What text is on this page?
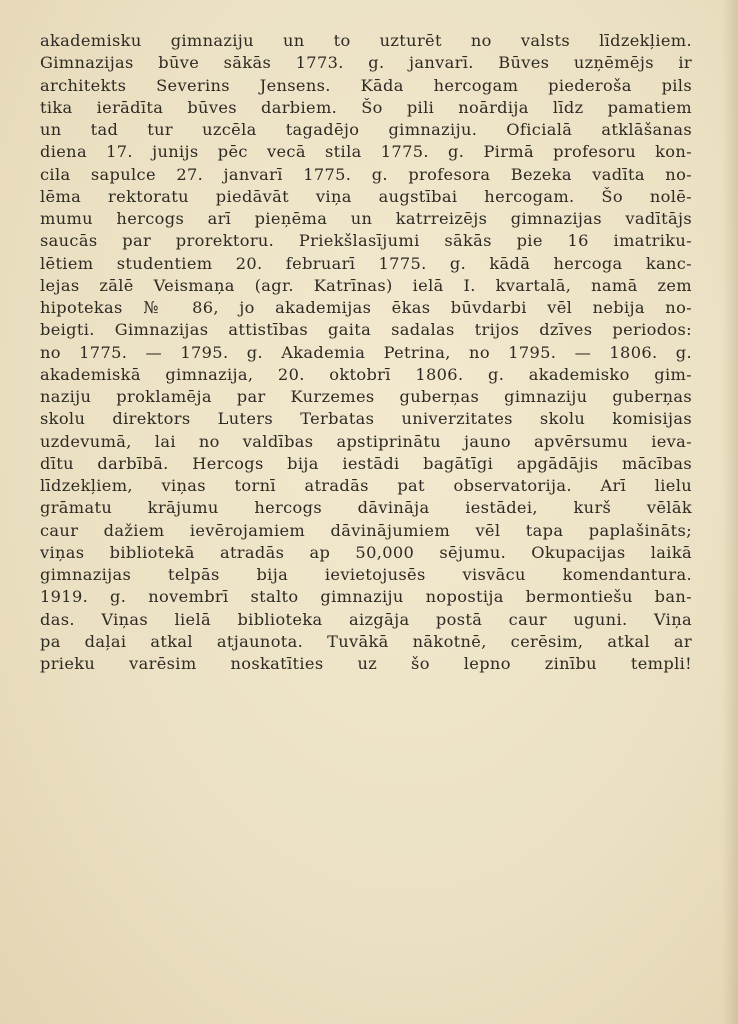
akademisku gimnaziju un to uzturēt no valsts līdzekļiem.
Gimnazijas būve sākās 1773. g. janvarī. Būves uzņēmējs ir
architekts Severins Jensens. Kāda hercogam piederoša pils
tika ierādīta būves darbiem. Šo pili noārdija līdz pamatiem
un tad tur uzcēla tagadējo gimnaziju. Oficialā atklāšanas
diena 17. junijs pēc vecā stila 1775. g. Pirmā profesoru kon-
cila sapulce 27. janvarī 1775. g. profesora Bezeka vadīta no-
lēma rektoratu piedāvāt viņa augstībai hercogam. Šo nolē-
mumu hercogs arī pieņēma un katrreizējs gimnazijas vadītājs
saucās par prorektoru. Priekšlasījumi sākās pie 16 imatriku-
lētiem studentiem 20. februarī 1775. g. kādā hercoga kanc-
lejas zālē Veismaņa (agr. Katrīnas) ielā I. kvartalā, namā zem
hipotekas № 86, jo akademijas ēkas būvdarbi vēl nebija no-
beigti. Gimnazijas attistības gaita sadalas trijos dzīves periodos:
no 1775. — 1795. g. Akademia Petrina, no 1795. — 1806. g.
akademiskā gimnazija, 20. oktobrī 1806. g. akademisko gim-
naziju proklamēja par Kurzemes guberņas gimnaziju guberņas
skolu direktors Luters Terbatas univerzitates skolu komisijas
uzdevumā, lai no valdības apstiprinātu jauno apvērsumu ieva-
dītu darbībā. Hercogs bija iestādi bagātīgi apgādājis mācības
līdzekļiem, viņas tornī atradās pat observatorija. Arī lielu
grāmatu krājumu hercogs dāvināja iestādei, kurš vēlāk
caur dažiem ievērojamiem dāvinājumiem vēl tapa paplašināts;
viņas bibliotekā atradās ap 50,000 sējumu. Okupacijas laikā
gimnazijas telpās bija ievietojusēs visvācu komendantura.
1919. g. novembrī stalto gimnaziju nopostija bermontiešu ban-
das. Viņas lielā biblioteka aizgāja postā caur uguni. Viņa
pa daļai atkal atjaunota. Tuvākā nākotnē, cerēsim, atkal ar
prieku varēsim noskatīties uz šo lepno zinību templi!
